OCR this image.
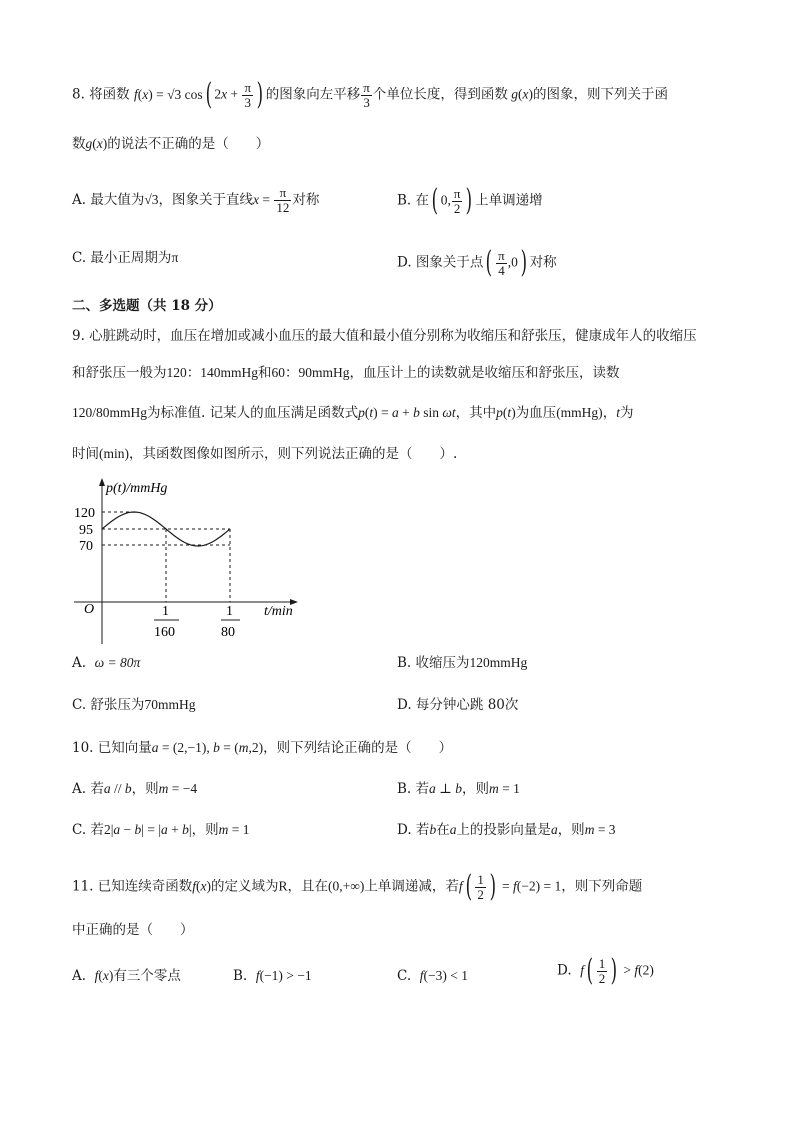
8. 将函数 f(x) = √3 cos( $2x + \frac{\pi}{3}$ ) 的图象向左平移 $\frac{\pi}{3}$ 个单位长度，得到函数 g(x)的图象，则下列关于函
数g(x)的说法不正确的是（　　）
A. 最大值为√3，图象关于直线$x = \frac{\pi}{12}$ 对称	B. 在( 0, $\frac{\pi}{2}$ ) 上单调递增
C. 最小正周期为π	D. 图象关于点( $\frac{\pi}{4} ,0$) 对称
二、多选题（共 18 分）
9. 心脏跳动时，血压在增加或减小血压的最大值和最小值分别称为收缩压和舒张压，健康成年人的收缩压
和舒张压一般为120：140mmHg和60：90mmHg，血压计上的读数就是收缩压和舒张压，读数
120/80mmHg为标准值. 记某人的血压满足函数式p(t) = a + b sin ωt，其中p(t)为血压(mmHg)，t为
时间(min)，其函数图像如图所示，则下列说法正确的是（　　）.
p(t)/mmHg
120
95
70
O	t/min
1
160
1
80
A. ω = 80π	B. 收缩压为120mmHg
C. 舒张压为70mmHg	D. 每分钟心跳 80次
10. 已知向量a = (2,−1), b = (m,2)，则下列结论正确的是（　　）
A. 若a // b，则m = −4	B. 若a ⊥ b，则m = 1
C. 若2|a − b| = |a + b|，则m = 1	D. 若b在a上的投影向量是a，则m = 3
11. 已知连续奇函数f(x)的定义域为R，且在(0,+∞)上单调递减，若$f( \frac{1}{2}$ ) = f(−2) = 1，则下列命题
中正确的是（　　）
A. f(x)有三个零点	B. f(−1) > −1	C. f(−3) < 1	D. $f( \frac{1}{2}$ ) > f(2)
